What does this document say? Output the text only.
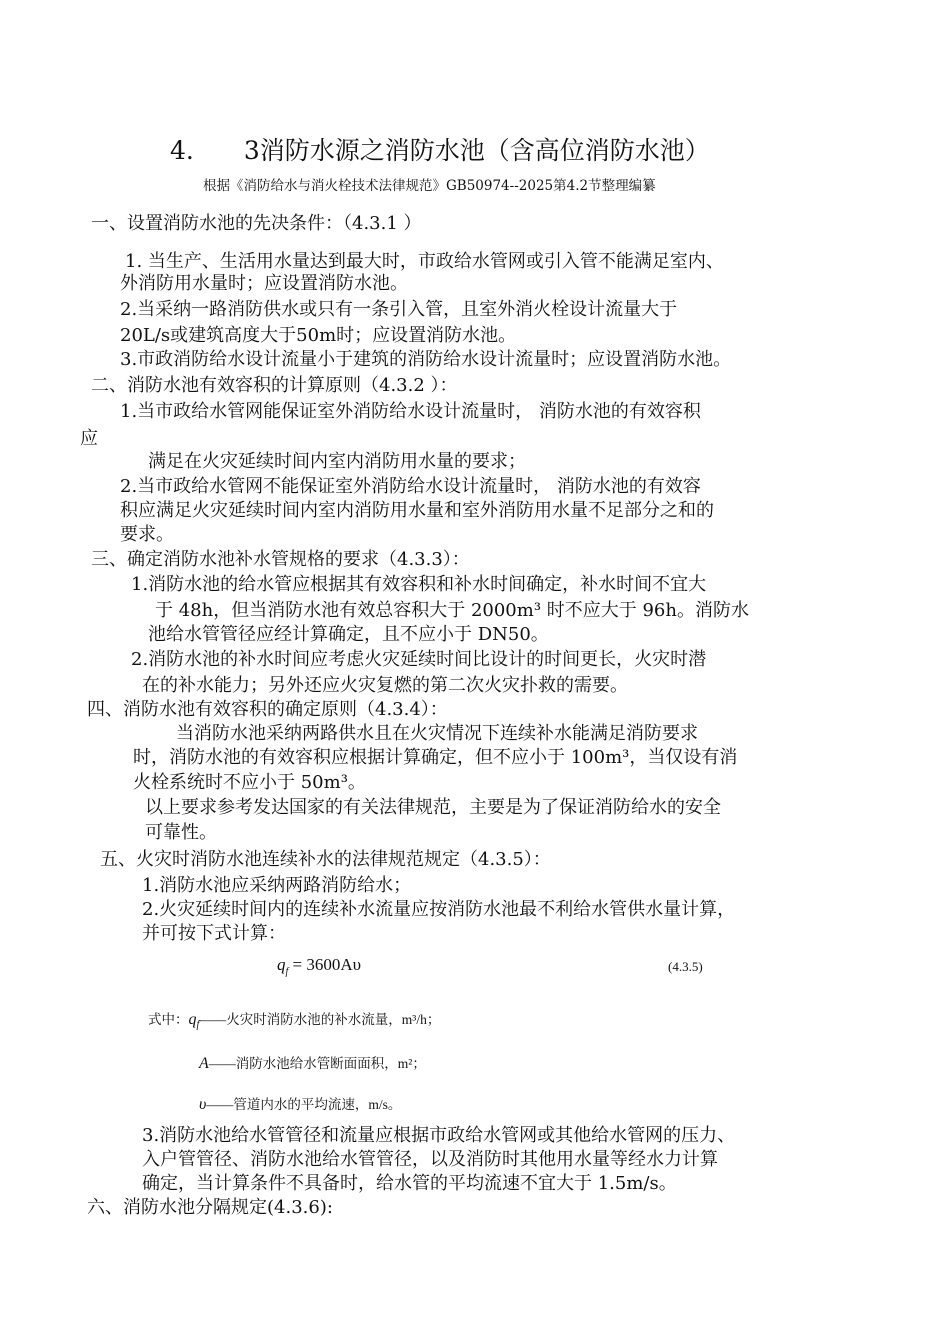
4.　　3消防水源之消防水池（含高位消防水池）
根据《消防给水与消火栓技术法律规范》GB50974--2025第4.2节整理编纂
一、设置消防水池的先决条件：（4.3.1 ）
1. 当生产、生活用水量达到最大时，市政给水管网或引入管不能满足室内、
外消防用水量时；应设置消防水池。
2.当采纳一路消防供水或只有一条引入管，且室外消火栓设计流量大于
20L/s或建筑高度大于50m时；应设置消防水池。
3.市政消防给水设计流量小于建筑的消防给水设计流量时；应设置消防水池。
二、消防水池有效容积的计算原则（4.3.2 ）：
1.当市政给水管网能保证室外消防给水设计流量时， 消防水池的有效容积
应
满足在火灾延续时间内室内消防用水量的要求；
2.当市政给水管网不能保证室外消防给水设计流量时， 消防水池的有效容
积应满足火灾延续时间内室内消防用水量和室外消防用水量不足部分之和的
要求。
三、确定消防水池补水管规格的要求（4.3.3）：
1.消防水池的给水管应根据其有效容积和补水时间确定，补水时间不宜大
于 48h，但当消防水池有效总容积大于 2000m³ 时不应大于 96h。消防水
池给水管管径应经计算确定，且不应小于 DN50。
2.消防水池的补水时间应考虑火灾延续时间比设计的时间更长，火灾时潜
在的补水能力；另外还应火灾复燃的第二次火灾扑救的需要。
四、消防水池有效容积的确定原则（4.3.4）：
当消防水池采纳两路供水且在火灾情况下连续补水能满足消防要求
时，消防水池的有效容积应根据计算确定，但不应小于 100m³，当仅设有消
火栓系统时不应小于 50m³。
以上要求参考发达国家的有关法律规范，主要是为了保证消防给水的安全
可靠性。
五、火灾时消防水池连续补水的法律规范规定（4.3.5）：
1.消防水池应采纳两路消防给水；
2.火灾延续时间内的连续补水流量应按消防水池最不利给水管供水量计算，
并可按下式计算：
$q_f = 3600A\upsilon$	(4.3.5)
式中：$q_f——$火灾时消防水池的补水流量，m³/h；
A——消防水池给水管断面面积，m²；
υ——管道内水的平均流速，m/s。
3.消防水池给水管管径和流量应根据市政给水管网或其他给水管网的压力、
入户管管径、消防水池给水管管径，以及消防时其他用水量等经水力计算
确定，当计算条件不具备时，给水管的平均流速不宜大于 1.5m/s。
六、消防水池分隔规定(4.3.6):
